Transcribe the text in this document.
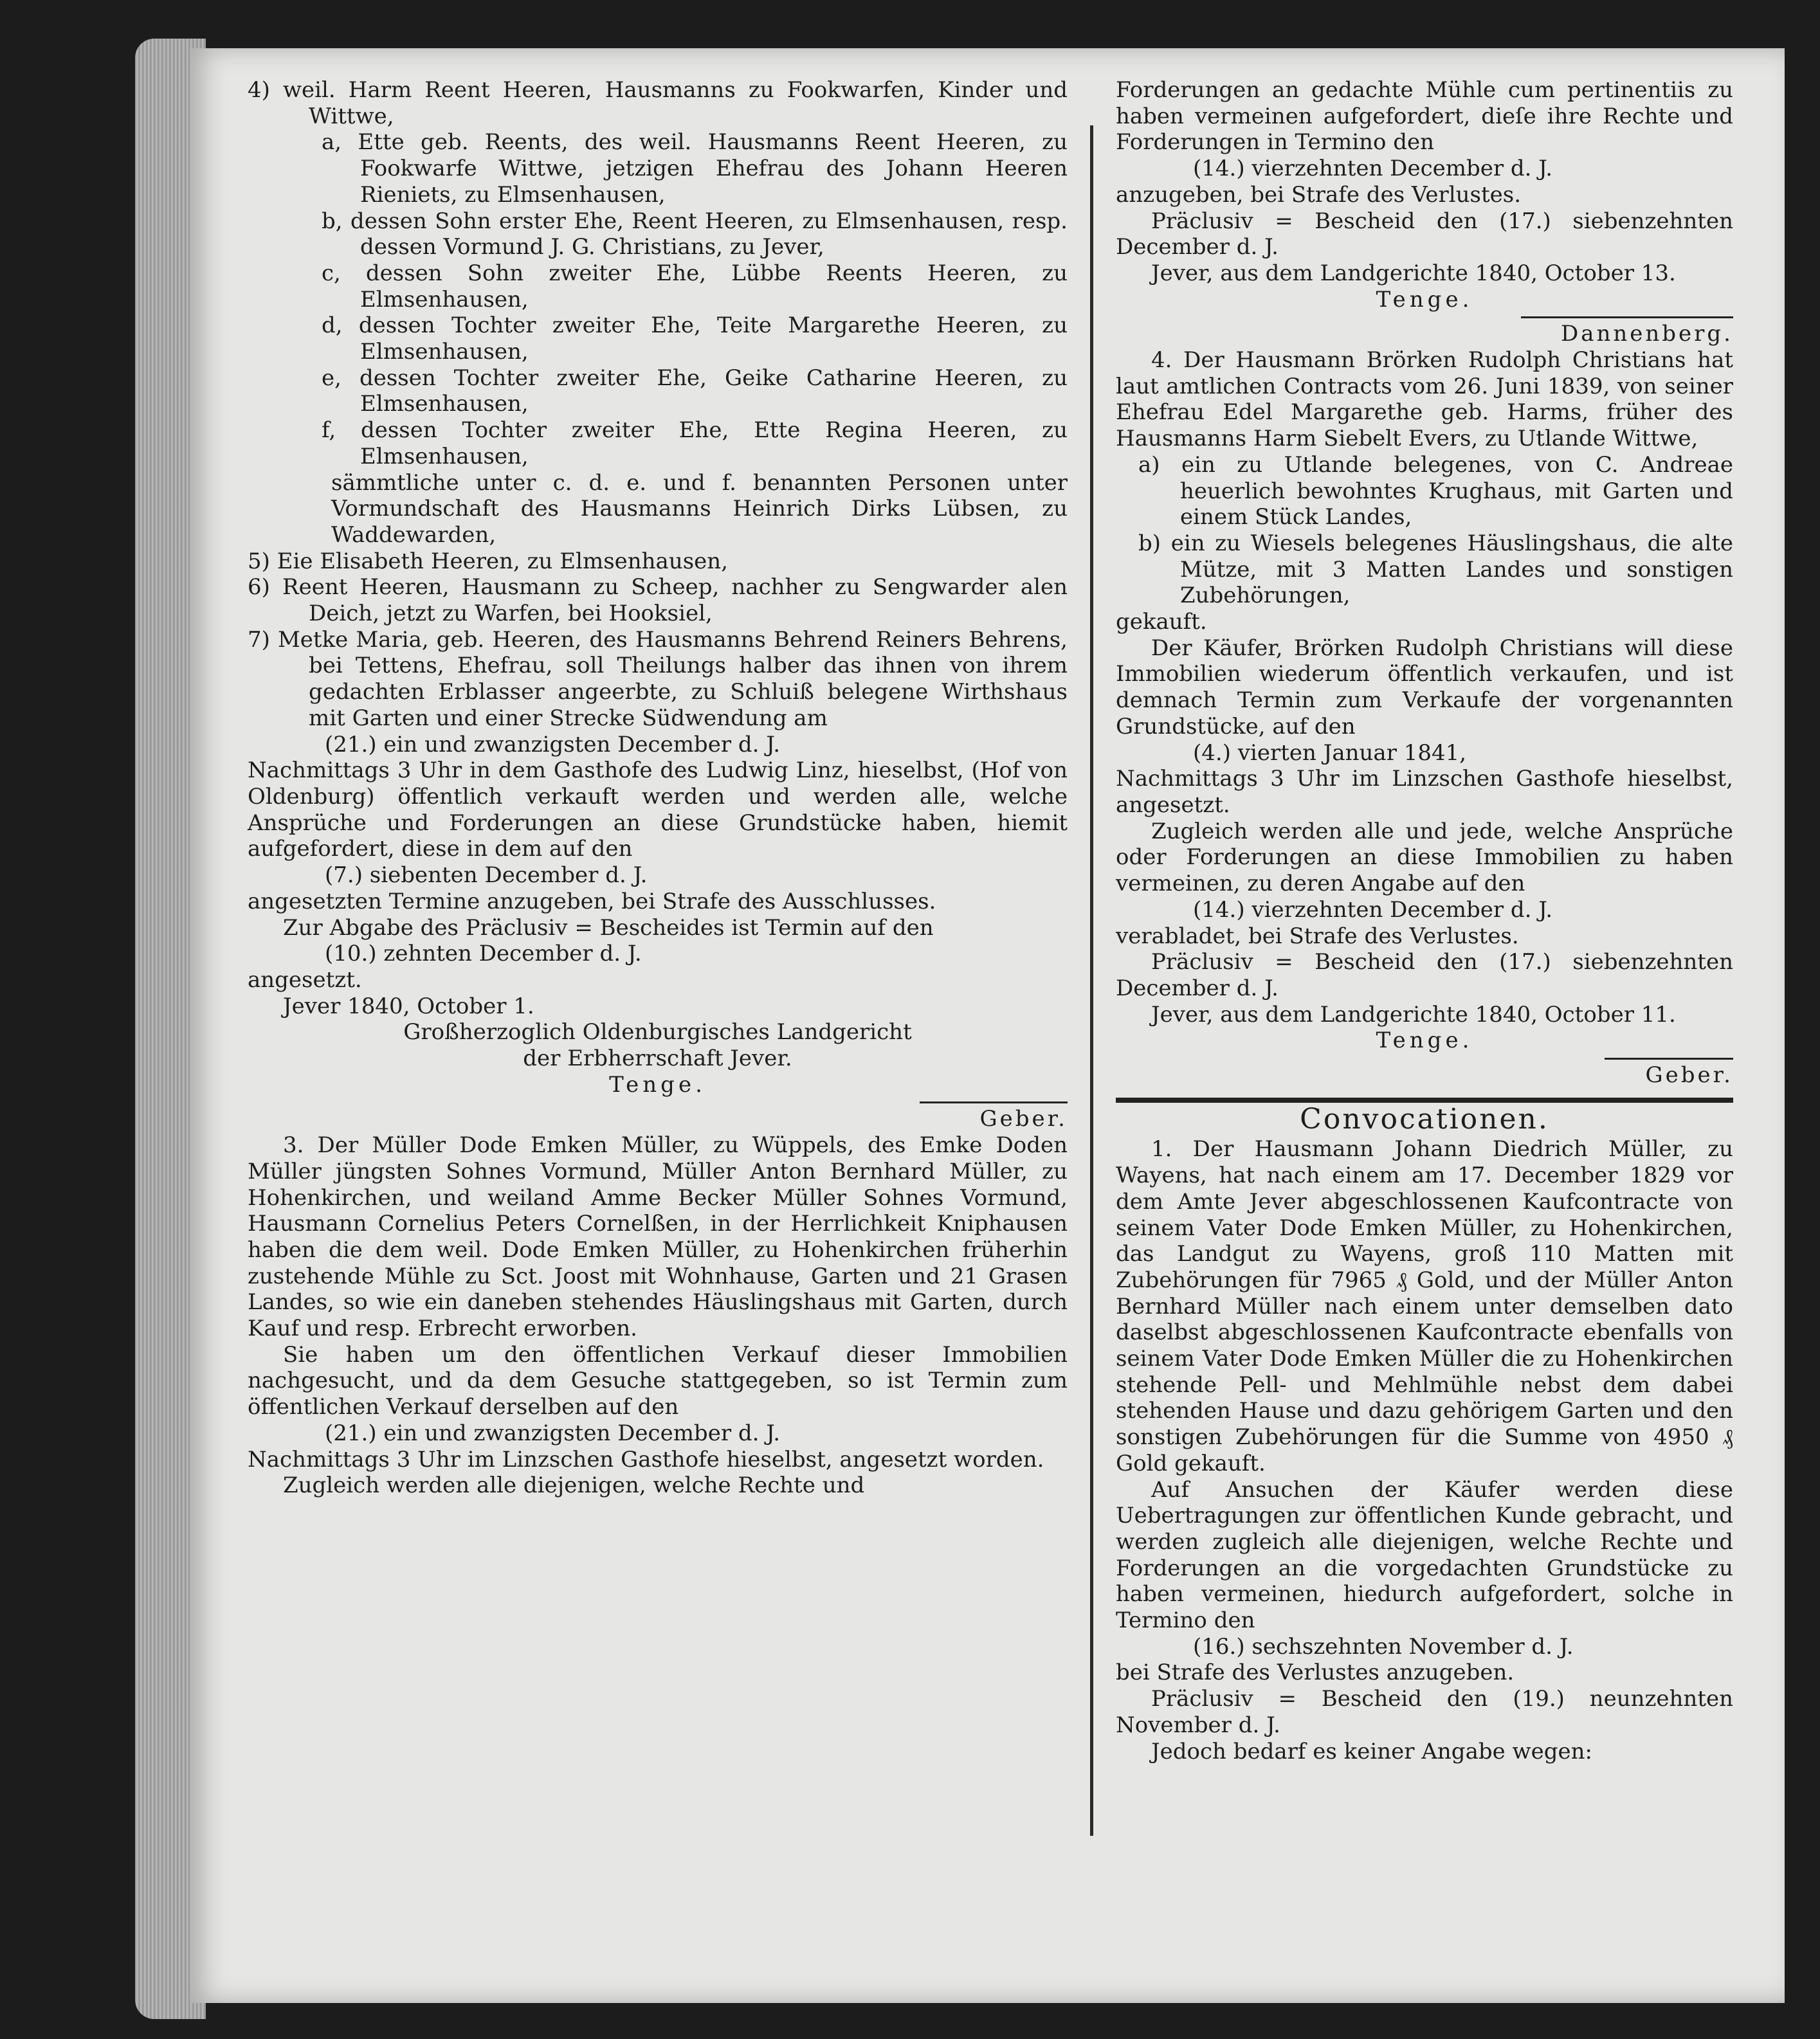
4) weil. Harm Reent Heeren, Hausmanns zu Fookwarfen, Kinder und Wittwe,

a, Ette geb. Reents, des weil. Hausmanns Reent Heeren, zu Fookwarfe Wittwe, jetzigen Ehefrau des Johann Heeren Rieniets, zu Elmsenhausen,

b, dessen Sohn erster Ehe, Reent Heeren, zu Elmsenhausen, resp. dessen Vormund J. G. Christians, zu Jever,

c, dessen Sohn zweiter Ehe, Lübbe Reents Heeren, zu Elmsenhausen,

d, dessen Tochter zweiter Ehe, Teite Margarethe Heeren, zu Elmsenhausen,

e, dessen Tochter zweiter Ehe, Geike Catharine Heeren, zu Elmsenhausen,

f, dessen Tochter zweiter Ehe, Ette Regina Heeren, zu Elmsenhausen,

sämmtliche unter c. d. e. und f. benannten Personen unter Vormundschaft des Hausmanns Heinrich Dirks Lübsen, zu Waddewarden,

5) Eie Elisabeth Heeren, zu Elmsenhausen,

6) Reent Heeren, Hausmann zu Scheep, nachher zu Sengwarder alen Deich, jetzt zu Warfen, bei Hooksiel,

7) Metke Maria, geb. Heeren, des Hausmanns Behrend Reiners Behrens, bei Tettens, Ehefrau, soll Theilungs halber das ihnen von ihrem gedachten Erblasser angeerbte, zu Schluiß belegene Wirthshaus mit Garten und einer Strecke Südwendung am

(21.) ein und zwanzigsten December d. J.

Nachmittags 3 Uhr in dem Gasthofe des Ludwig Linz, hieselbst, (Hof von Oldenburg) öffentlich verkauft werden und werden alle, welche Ansprüche und Forderungen an diese Grundstücke haben, hiemit aufgefordert, diese in dem auf den

(7.) siebenten December d. J.

angesetzten Termine anzugeben, bei Strafe des Ausschlusses.

Zur Abgabe des Präclusiv = Bescheides ist Termin auf den

(10.) zehnten December d. J.

angesetzt.

Jever 1840, October 1.

Großherzoglich Oldenburgisches Landgericht

der Erbherrschaft Jever.

Tenge.

Geber.

3. Der Müller Dode Emken Müller, zu Wüppels, des Emke Doden Müller jüngsten Sohnes Vormund, Müller Anton Bernhard Müller, zu Hohenkirchen, und weiland Amme Becker Müller Sohnes Vormund, Hausmann Cornelius Peters Cornelßen, in der Herrlichkeit Kniphausen haben die dem weil. Dode Emken Müller, zu Hohenkirchen früherhin zustehende Mühle zu Sct. Joost mit Wohnhause, Garten und 21 Grasen Landes, so wie ein daneben stehendes Häuslingshaus mit Garten, durch Kauf und resp. Erbrecht erworben.

Sie haben um den öffentlichen Verkauf dieser Immobilien nachgesucht, und da dem Gesuche stattgegeben, so ist Termin zum öffentlichen Verkauf derselben auf den

(21.) ein und zwanzigsten December d. J.

Nachmittags 3 Uhr im Linzschen Gasthofe hieselbst, angesetzt worden.

Zugleich werden alle diejenigen, welche Rechte und

Forderungen an gedachte Mühle cum pertinentiis zu haben vermeinen aufgefordert, dieſe ihre Rechte und Forderungen in Termino den

(14.) vierzehnten December d. J.

anzugeben, bei Strafe des Verlustes.

Präclusiv = Bescheid den (17.) siebenzehnten December d. J.

Jever, aus dem Landgerichte 1840, October 13.

Tenge.

Dannenberg.

4. Der Hausmann Brörken Rudolph Christians hat laut amtlichen Contracts vom 26. Juni 1839, von seiner Ehefrau Edel Margarethe geb. Harms, früher des Hausmanns Harm Siebelt Evers, zu Utlande Wittwe,

a) ein zu Utlande belegenes, von C. Andreae heuerlich bewohntes Krughaus, mit Garten und einem Stück Landes,

b) ein zu Wiesels belegenes Häuslingshaus, die alte Mütze, mit 3 Matten Landes und sonstigen Zubehörungen,

gekauft.

Der Käufer, Brörken Rudolph Christians will diese Immobilien wiederum öffentlich verkaufen, und ist demnach Termin zum Verkaufe der vorgenannten Grundstücke, auf den

(4.) vierten Januar 1841,

Nachmittags 3 Uhr im Linzschen Gasthofe hieselbst, angesetzt.

Zugleich werden alle und jede, welche Ansprüche oder Forderungen an diese Immobilien zu haben vermeinen, zu deren Angabe auf den

(14.) vierzehnten December d. J.

verabladet, bei Strafe des Verlustes.

Präclusiv = Bescheid den (17.) siebenzehnten December d. J.

Jever, aus dem Landgerichte 1840, October 11.

Tenge.

Geber.

Convocationen.

1. Der Hausmann Johann Diedrich Müller, zu Wayens, hat nach einem am 17. December 1829 vor dem Amte Jever abgeschlossenen Kaufcontracte von seinem Vater Dode Emken Müller, zu Hohenkirchen, das Landgut zu Wayens, groß 110 Matten mit Zubehörungen für 7965 ₰ Gold, und der Müller Anton Bernhard Müller nach einem unter demselben dato daselbst abgeschlossenen Kaufcontracte ebenfalls von seinem Vater Dode Emken Müller die zu Hohenkirchen stehende Pell- und Mehlmühle nebst dem dabei stehenden Hause und dazu gehörigem Garten und den sonstigen Zubehörungen für die Summe von 4950 ₰ Gold gekauft.

Auf Ansuchen der Käufer werden diese Uebertragungen zur öffentlichen Kunde gebracht, und werden zugleich alle diejenigen, welche Rechte und Forderungen an die vorgedachten Grundstücke zu haben vermeinen, hiedurch aufgefordert, solche in Termino den

(16.) sechszehnten November d. J.

bei Strafe des Verlustes anzugeben.

Präclusiv = Bescheid den (19.) neunzehnten November d. J.

Jedoch bedarf es keiner Angabe wegen:
